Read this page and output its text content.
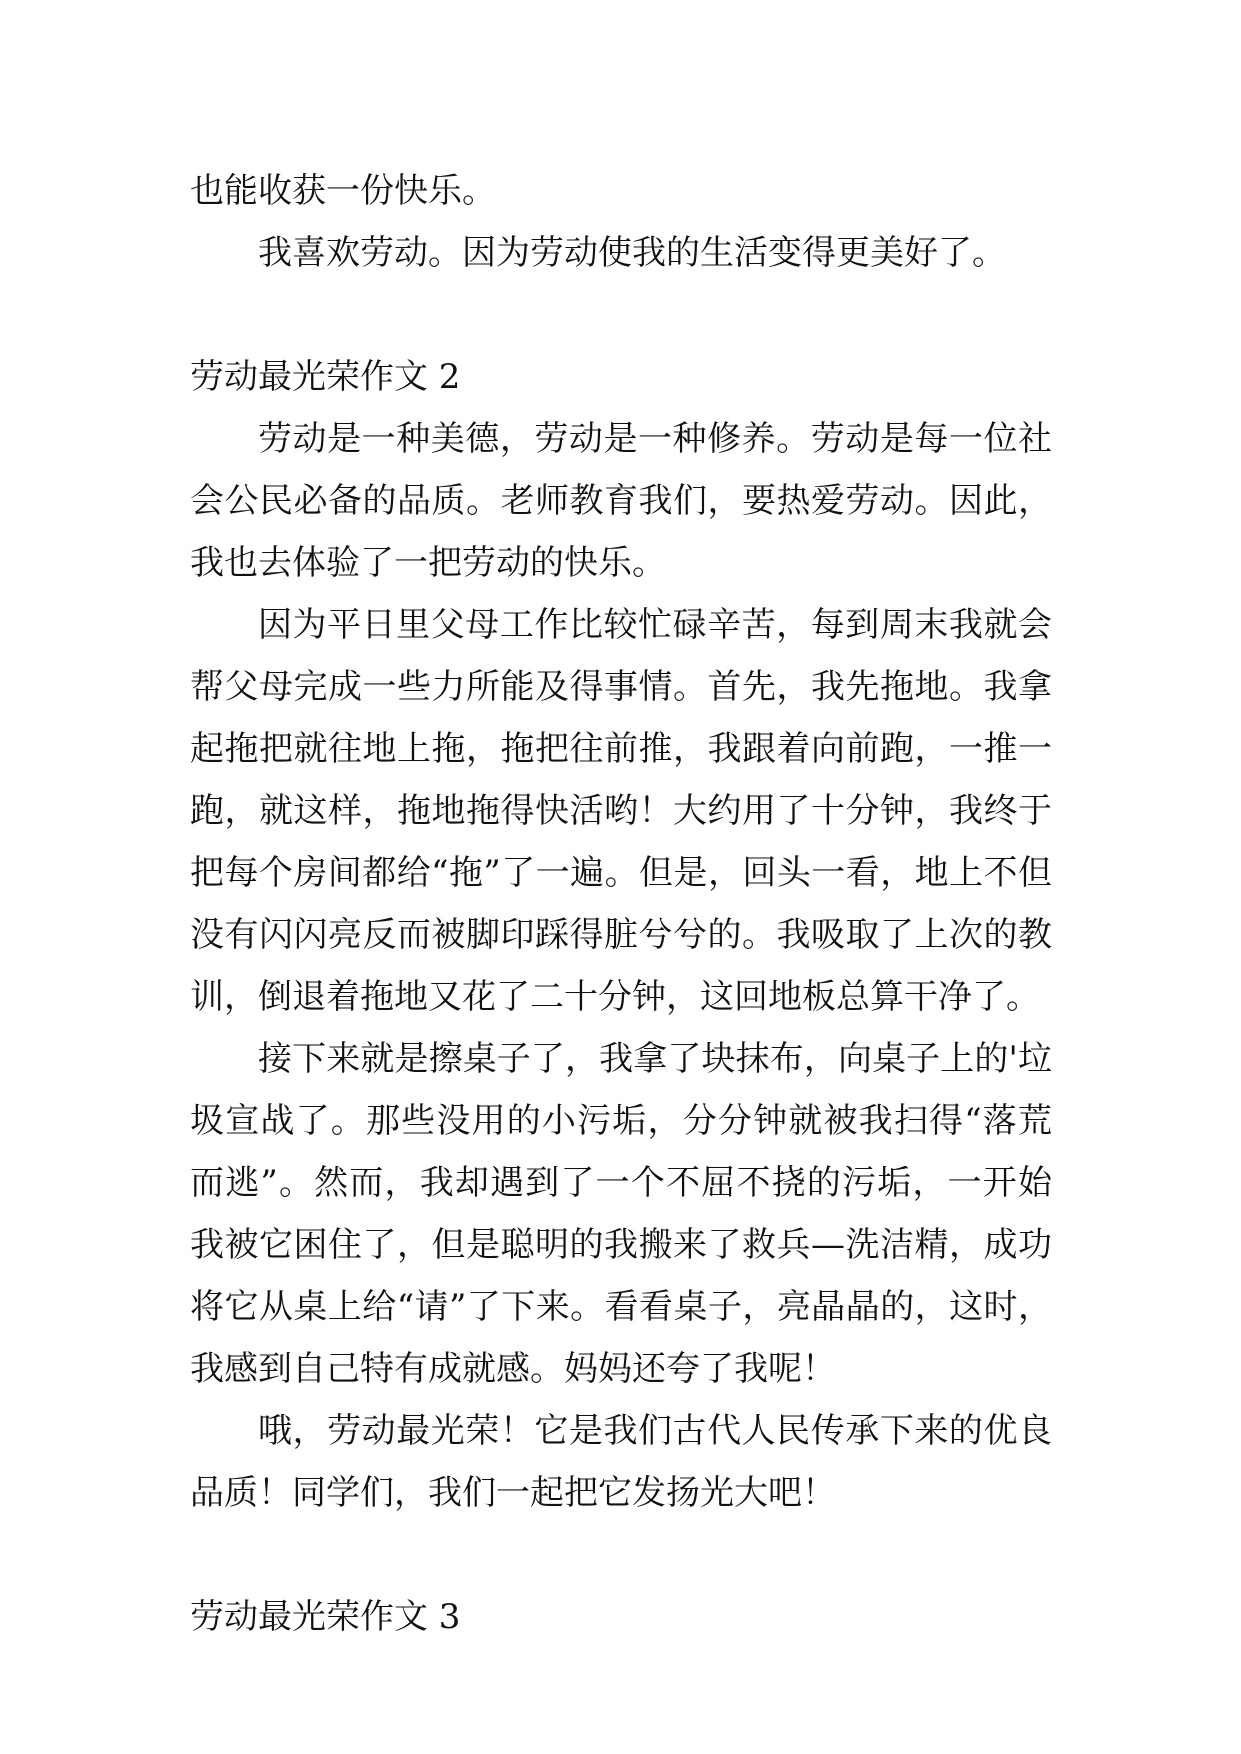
也能收获一份快乐。

我喜欢劳动。因为劳动使我的生活变得更美好了。

劳动最光荣作文 2

劳动是一种美德，劳动是一种修养。劳动是每一位社会公民必备的品质。老师教育我们，要热爱劳动。因此，我也去体验了一把劳动的快乐。

因为平日里父母工作比较忙碌辛苦，每到周末我就会帮父母完成一些力所能及得事情。首先，我先拖地。我拿起拖把就往地上拖，拖把往前推，我跟着向前跑，一推一跑，就这样，拖地拖得快活哟！大约用了十分钟，我终于把每个房间都给“拖”了一遍。但是，回头一看，地上不但没有闪闪亮反而被脚印踩得脏兮兮的。我吸取了上次的教训，倒退着拖地又花了二十分钟，这回地板总算干净了。

接下来就是擦桌子了，我拿了块抹布，向桌子上的'垃圾宣战了。那些没用的小污垢，分分钟就被我扫得“落荒而逃”。然而，我却遇到了一个不屈不挠的污垢，一开始我被它困住了，但是聪明的我搬来了救兵—洗洁精，成功将它从桌上给“请”了下来。看看桌子，亮晶晶的，这时，我感到自己特有成就感。妈妈还夸了我呢！

哦，劳动最光荣！它是我们古代人民传承下来的优良品质！同学们，我们一起把它发扬光大吧！

劳动最光荣作文 3
